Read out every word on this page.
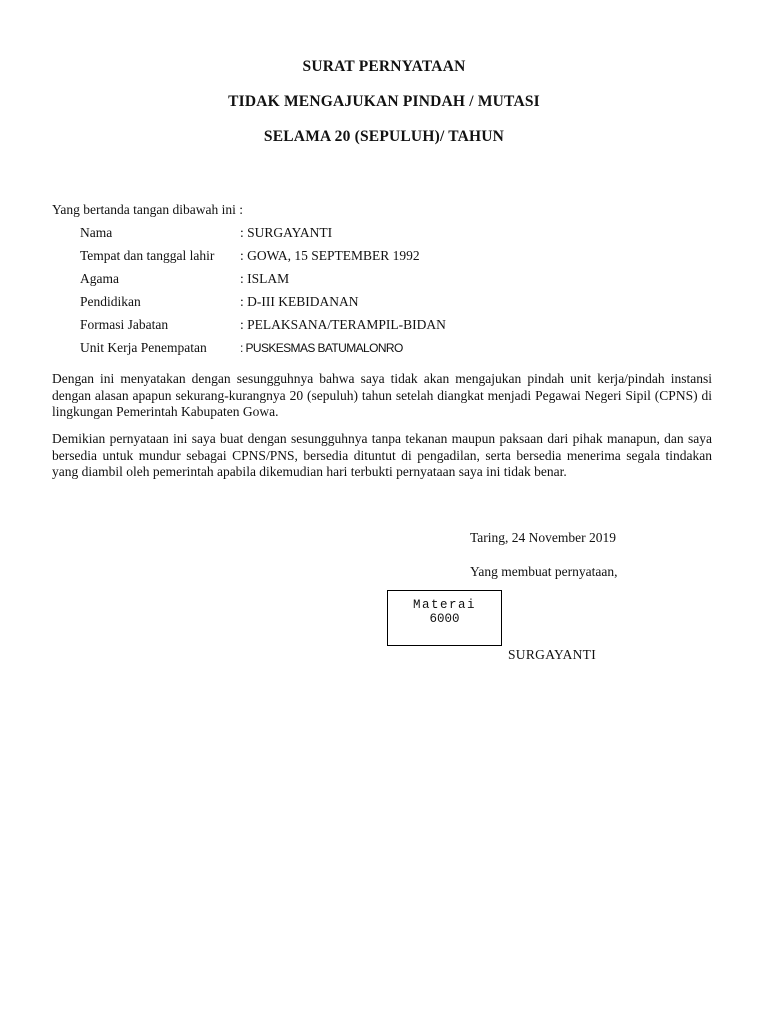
SURAT PERNYATAAN
TIDAK MENGAJUKAN PINDAH / MUTASI
SELAMA 20 (SEPULUH)/ TAHUN
Yang bertanda tangan dibawah ini :
Nama	: SURGAYANTI
Tempat dan tanggal lahir : GOWA, 15 SEPTEMBER 1992
Agama	: ISLAM
Pendidikan	: D-III KEBIDANAN
Formasi Jabatan	: PELAKSANA/TERAMPIL-BIDAN
Unit Kerja Penempatan	: PUSKESMAS BATUMALONRO

Dengan ini menyatakan dengan sesungguhnya bahwa saya tidak akan mengajukan pindah unit kerja/pindah instansi dengan alasan apapun sekurang-kurangnya 20 (sepuluh) tahun setelah diangkat menjadi Pegawai Negeri Sipil (CPNS) di lingkungan Pemerintah Kabupaten Gowa.

Demikian pernyataan ini saya buat dengan sesungguhnya tanpa tekanan maupun paksaan dari pihak manapun, dan saya bersedia untuk mundur sebagai CPNS/PNS, bersedia dituntut di pengadilan, serta bersedia menerima segala tindakan yang diambil oleh pemerintah apabila dikemudian hari terbukti pernyataan saya ini tidak benar.

Taring, 24 November 2019
Yang membuat pernyataan,
Materai
6000
SURGAYANTI
